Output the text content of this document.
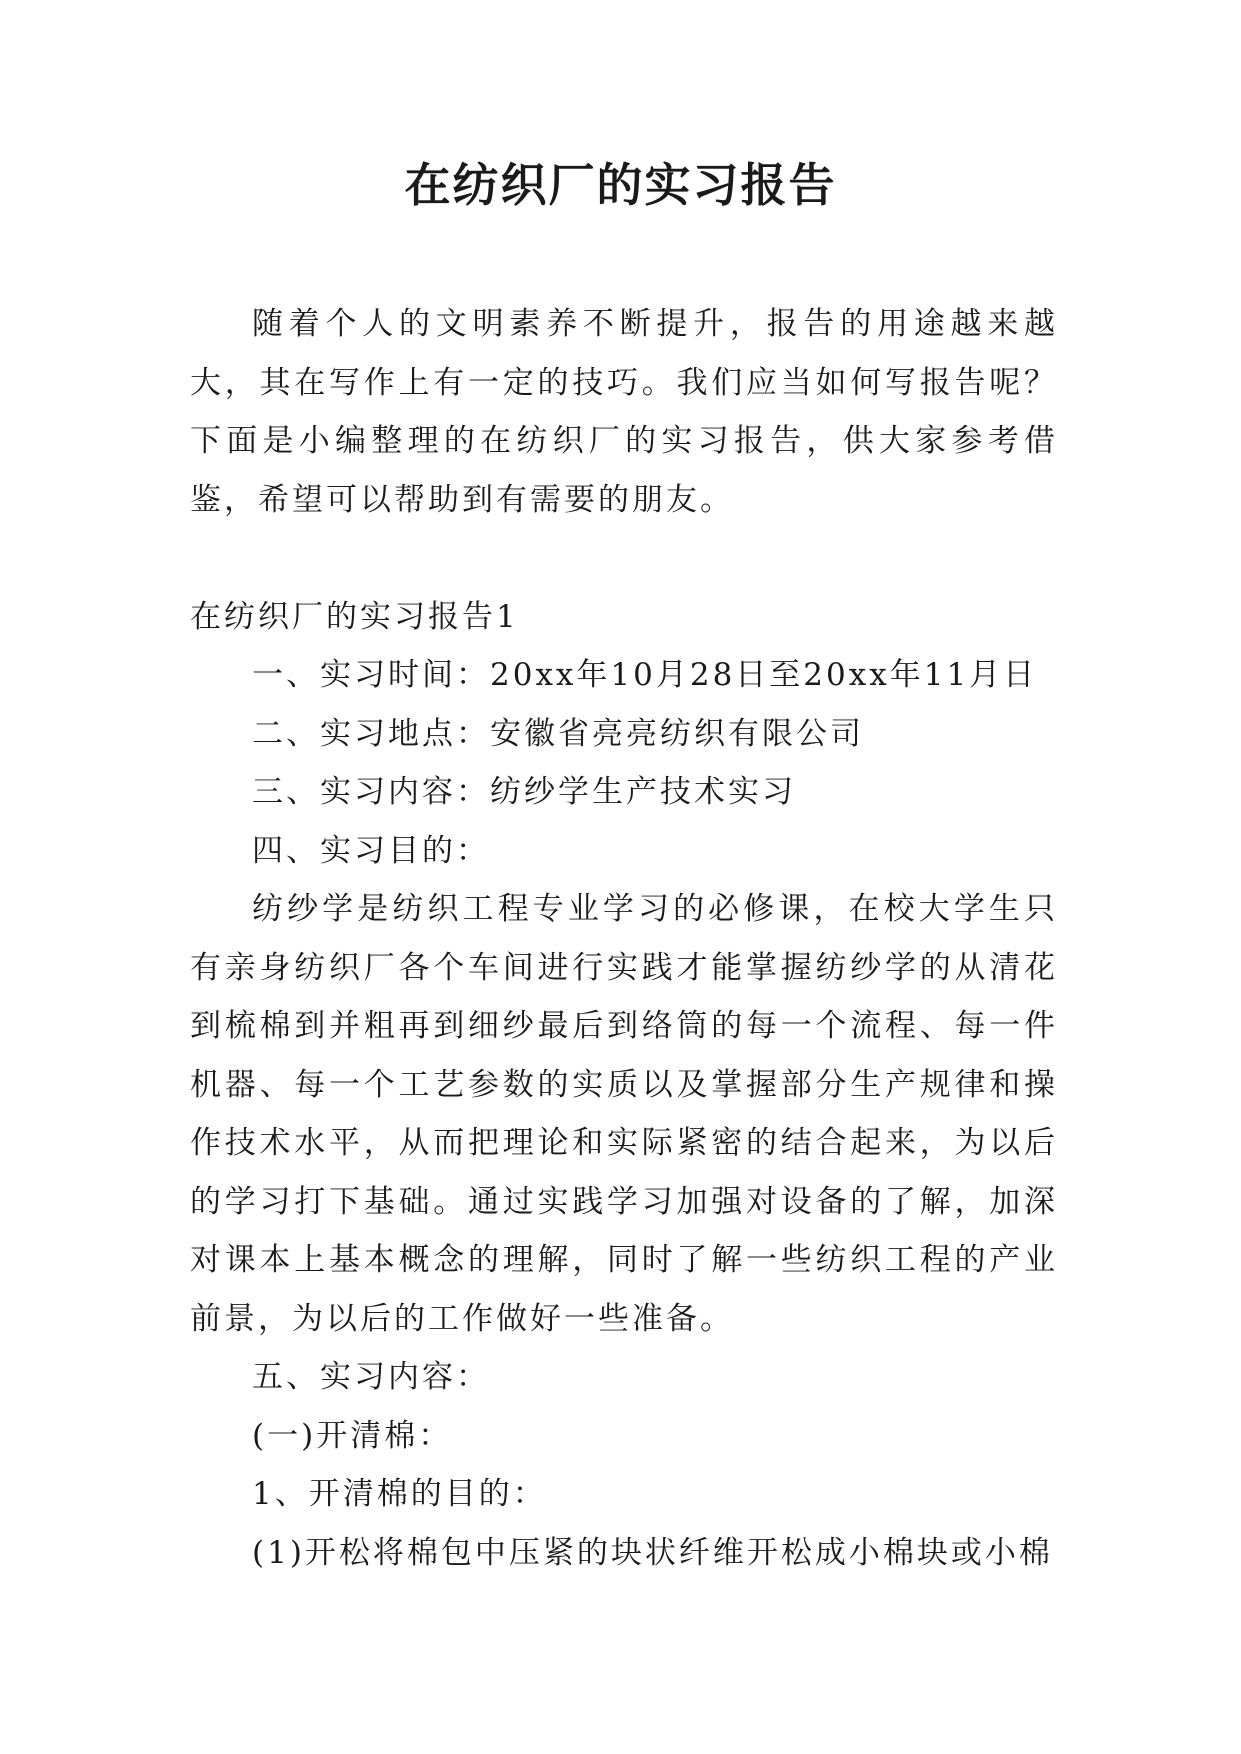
在纺织厂的实习报告

随着个人的文明素养不断提升，报告的用途越来越大，其在写作上有一定的技巧。我们应当如何写报告呢？下面是小编整理的在纺织厂的实习报告，供大家参考借鉴，希望可以帮助到有需要的朋友。

在纺织厂的实习报告1

一、实习时间：20xx年10月28日至20xx年11月日

二、实习地点：安徽省亮亮纺织有限公司

三、实习内容：纺纱学生产技术实习

四、实习目的：

纺纱学是纺织工程专业学习的必修课，在校大学生只有亲身纺织厂各个车间进行实践才能掌握纺纱学的从清花到梳棉到并粗再到细纱最后到络筒的每一个流程、每一件机器、每一个工艺参数的实质以及掌握部分生产规律和操作技术水平，从而把理论和实际紧密的结合起来，为以后的学习打下基础。通过实践学习加强对设备的了解，加深对课本上基本概念的理解，同时了解一些纺织工程的产业前景，为以后的工作做好一些准备。

五、实习内容：

(一)开清棉：

1、开清棉的目的：

(1)开松将棉包中压紧的块状纤维开松成小棉块或小棉
